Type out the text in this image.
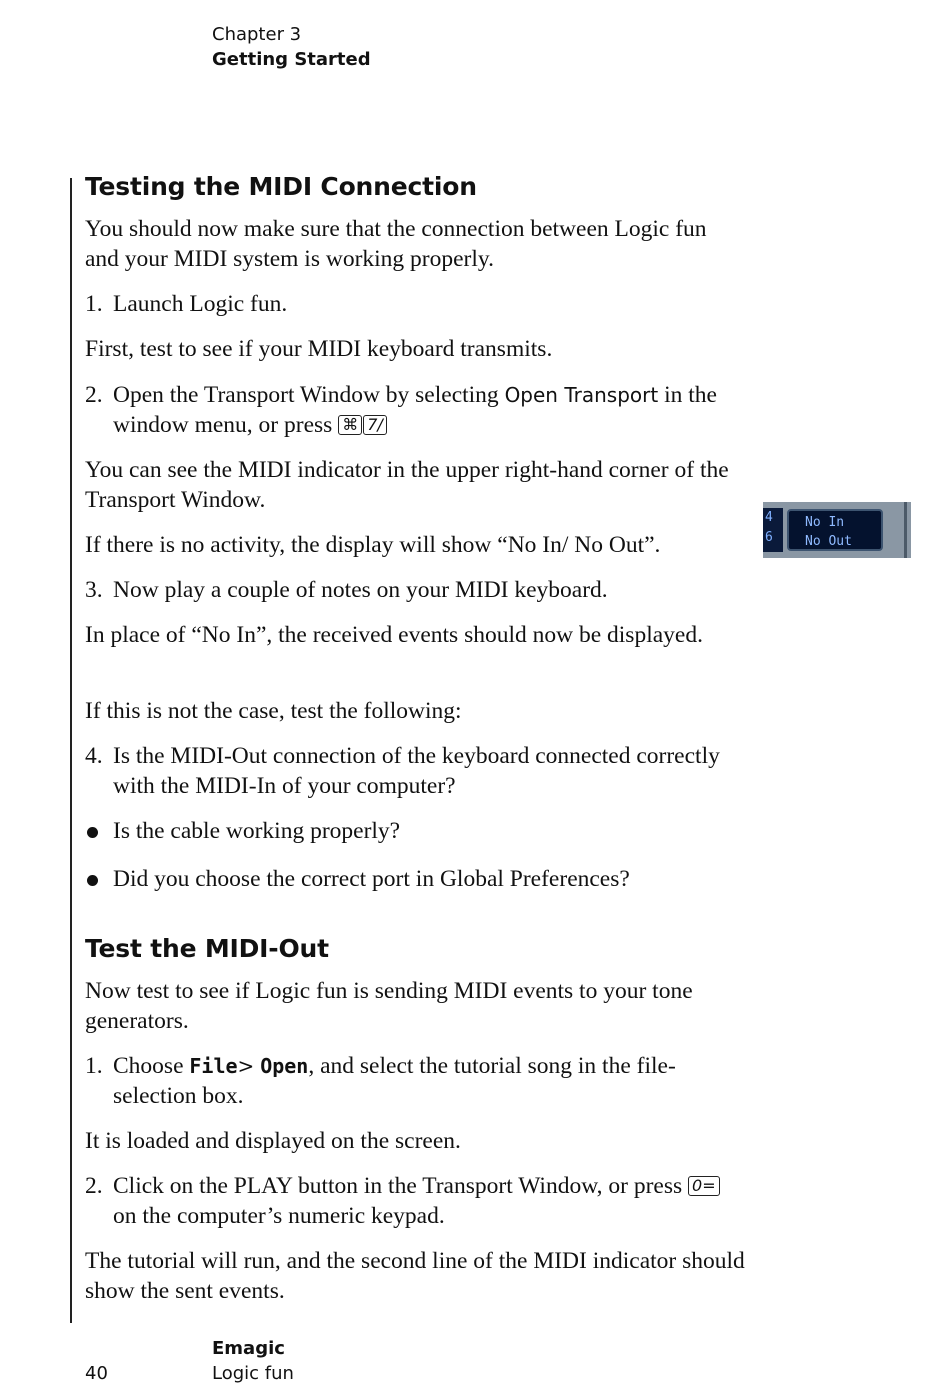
Chapter 3
Getting Started
Testing the MIDI Connection
You should now make sure that the connection between Logic fun and your MIDI system is working properly.
1. Launch Logic fun.
First, test to see if your MIDI keyboard transmits.
2. Open the Transport Window by selecting Open Transport in the window menu, or press ⌘ 7/
You can see the MIDI indicator in the upper right-hand corner of the Transport Window.
If there is no activity, the display will show “No In/ No Out”.
3. Now play a couple of notes on your MIDI keyboard.
In place of “No In”, the received events should now be displayed.
If this is not the case, test the following:
4. Is the MIDI-Out connection of the keyboard connected correctly with the MIDI-In of your computer?
Is the cable working properly?
Did you choose the correct port in Global Preferences?
Test the MIDI-Out
Now test to see if Logic fun is sending MIDI events to your tone generators.
1. Choose File> Open, and select the tutorial song in the file-selection box.
It is loaded and displayed on the screen.
2. Click on the PLAY button in the Transport Window, or press 0= on the computer’s numeric keypad.
The tutorial will run, and the second line of the MIDI indicator should show the sent events.
4
6
No In
No Out
40
Emagic
Logic fun
